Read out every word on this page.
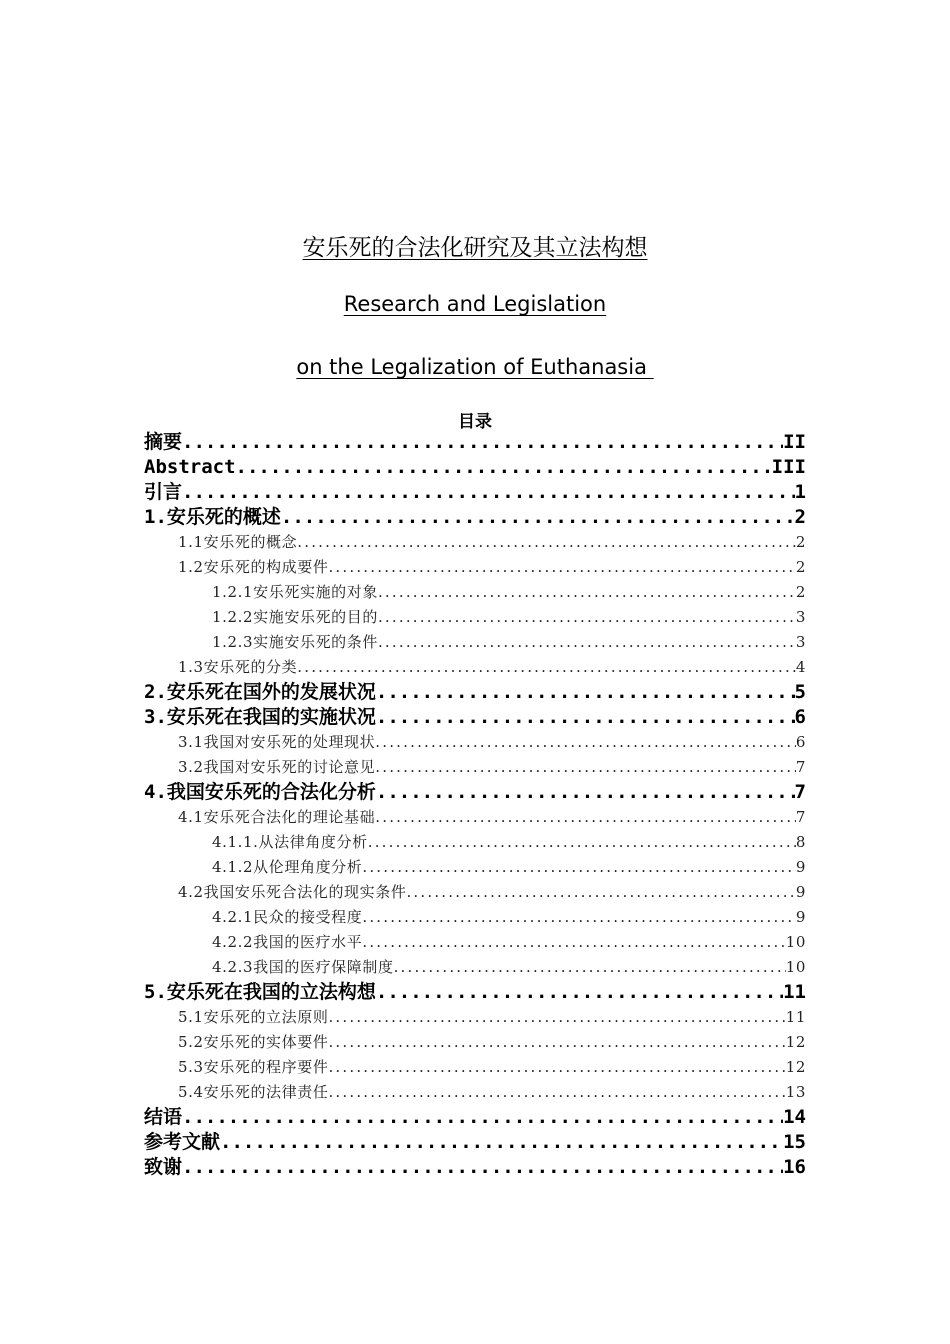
安乐死的合法化研究及其立法构想
Research and Legislation
on the Legalization of Euthanasia
目录
摘要 .....	II
Abstract .....	III
引言 .....	1
1.安乐死的概述 .....	2
1.1安乐死的概念 .....	2
1.2安乐死的构成要件 .....	2
1.2.1安乐死实施的对象 .....	2
1.2.2实施安乐死的目的 .....	3
1.2.3实施安乐死的条件 .....	3
1.3安乐死的分类 .....	4
2.安乐死在国外的发展状况 .....	5
3.安乐死在我国的实施状况 .....	6
3.1我国对安乐死的处理现状 .....	6
3.2我国对安乐死的讨论意见 .....	7
4.我国安乐死的合法化分析 .....	7
4.1安乐死合法化的理论基础 .....	7
4.1.1.从法律角度分析 .....	8
4.1.2从伦理角度分析 .....	9
4.2我国安乐死合法化的现实条件 .....	9
4.2.1民众的接受程度 .....	9
4.2.2我国的医疗水平 .....	10
4.2.3我国的医疗保障制度 .....	10
5.安乐死在我国的立法构想 .....	11
5.1安乐死的立法原则 .....	11
5.2安乐死的实体要件 .....	12
5.3安乐死的程序要件 .....	12
5.4安乐死的法律责任 .....	13
结语 .....	14
参考文献 .....	15
致谢 .....	16
